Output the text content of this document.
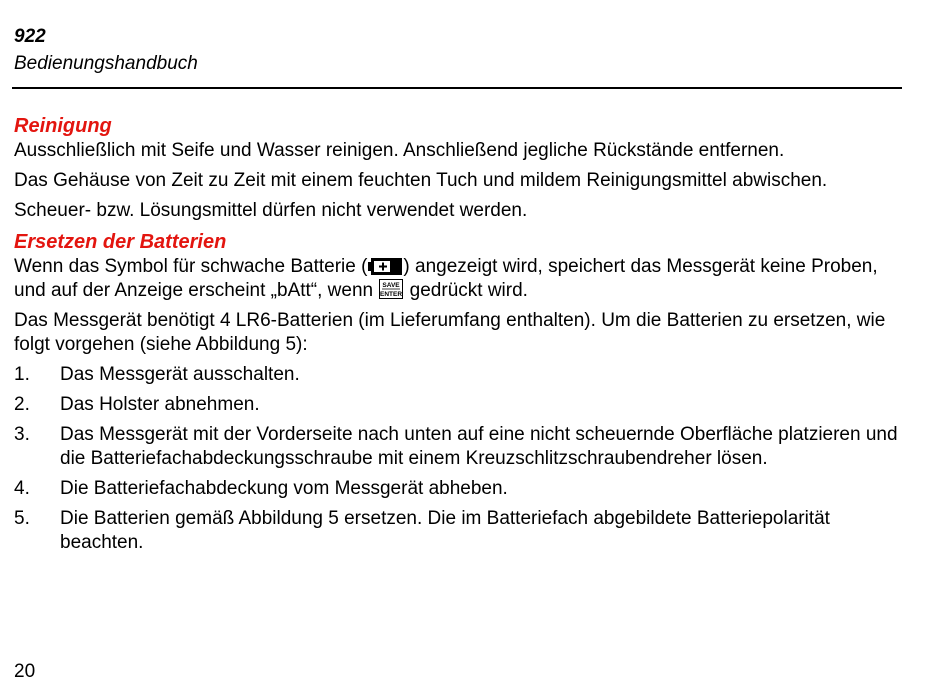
922
Bedienungshandbuch
Reinigung

Ausschließlich mit Seife und Wasser reinigen. Anschließend jegliche Rückstände entfernen.

Das Gehäuse von Zeit zu Zeit mit einem feuchten Tuch und mildem Reinigungsmittel abwischen.

Scheuer- bzw. Lösungsmittel dürfen nicht verwendet werden.

Ersetzen der Batterien

Wenn das Symbol für schwache Batterie ( ) angezeigt wird, speichert das Messgerät keine Proben, und auf der Anzeige erscheint „bAtt“, wenn SAVE
ENTER gedrückt wird.

Das Messgerät benötigt 4 LR6-Batterien (im Lieferumfang enthalten). Um die Batterien zu ersetzen, wie folgt vorgehen (siehe Abbildung 5):

1.	Das Messgerät ausschalten.
2.	Das Holster abnehmen.
3.	Das Messgerät mit der Vorderseite nach unten auf eine nicht scheuernde Oberfläche platzieren und die Batteriefachabdeckungsschraube mit einem Kreuzschlitzschraubendreher lösen.
4.	Die Batteriefachabdeckung vom Messgerät abheben.
5.	Die Batterien gemäß Abbildung 5 ersetzen. Die im Batteriefach abgebildete Batteriepolarität beachten.
20
